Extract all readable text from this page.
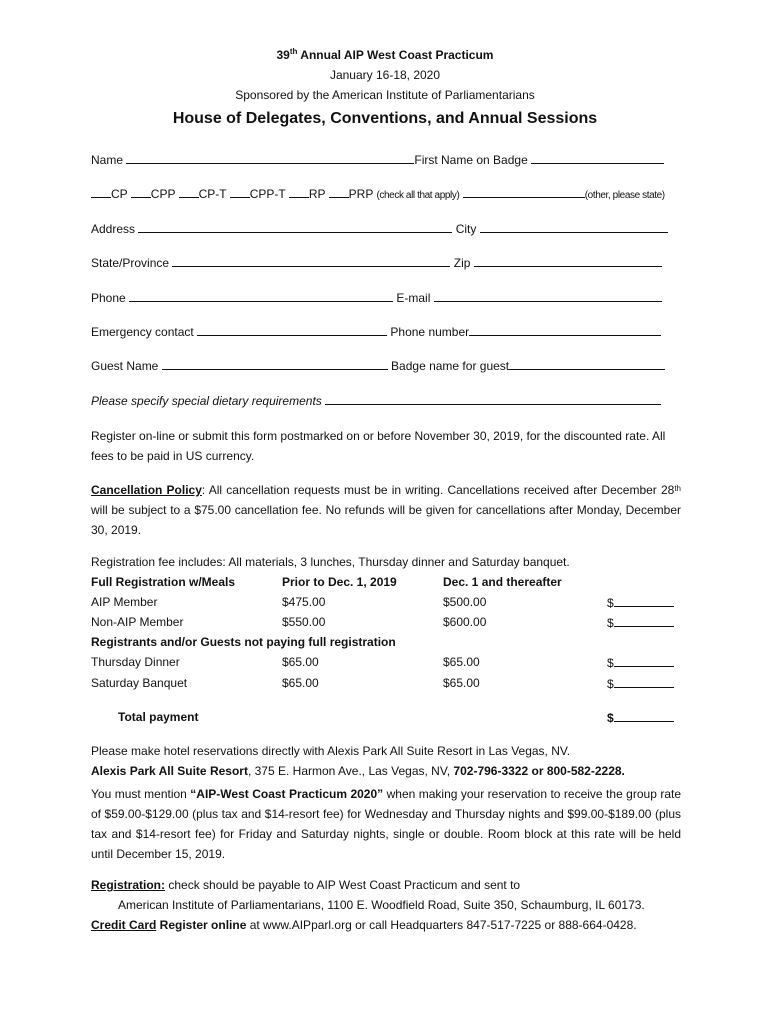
39th Annual AIP West Coast Practicum
January 16-18, 2020
Sponsored by the American Institute of Parliamentarians
House of Delegates, Conventions, and Annual Sessions
Name	First Name on Badge
CP CPP CP-T CPP-T RP PRP (check all that apply)	(other, please state)
Address	City
State/Province	Zip
Phone	E-mail
Emergency contact	Phone number
Guest Name	Badge name for guest
Please specify special dietary requirements
Register on-line or submit this form postmarked on or before November 30, 2019, for the discounted rate. All fees to be paid in US currency.
Cancellation Policy: All cancellation requests must be in writing. Cancellations received after December 28th will be subject to a $75.00 cancellation fee. No refunds will be given for cancellations after Monday, December 30, 2019.
Registration fee includes: All materials, 3 lunches, Thursday dinner and Saturday banquet.
Full Registration w/Meals	Prior to Dec. 1, 2019	Dec. 1 and thereafter
AIP Member	$475.00	$500.00	$
Non-AIP Member	$550.00	$600.00	$
Registrants and/or Guests not paying full registration
Thursday Dinner	$65.00	$65.00	$
Saturday Banquet	$65.00	$65.00	$
Total payment	$
Please make hotel reservations directly with Alexis Park All Suite Resort in Las Vegas, NV.
Alexis Park All Suite Resort, 375 E. Harmon Ave., Las Vegas, NV, 702-796-3322 or 800-582-2228.
You must mention “AIP-West Coast Practicum 2020” when making your reservation to receive the group rate of $59.00-$129.00 (plus tax and $14-resort fee) for Wednesday and Thursday nights and $99.00-$189.00 (plus tax and $14-resort fee) for Friday and Saturday nights, single or double. Room block at this rate will be held until December 15, 2019.
Registration: check should be payable to AIP West Coast Practicum and sent to
American Institute of Parliamentarians, 1100 E. Woodfield Road, Suite 350, Schaumburg, IL 60173.
Credit Card Register online at www.AIPparl.org or call Headquarters 847-517-7225 or 888-664-0428.
